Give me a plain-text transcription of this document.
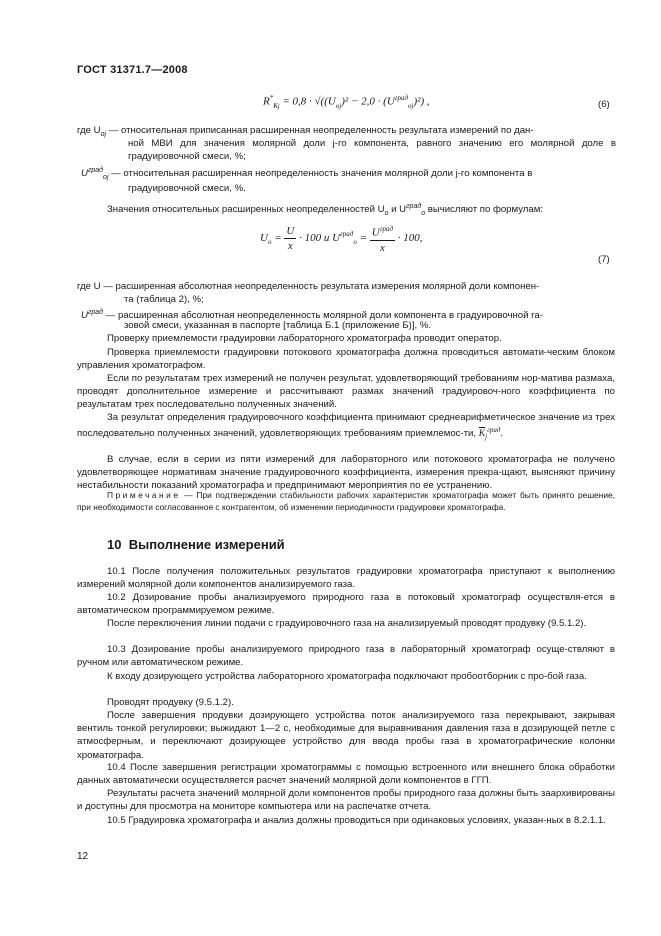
ГОСТ 31371.7—2008
$R^*_{Kj} = 0,8 \cdot √((U_{oj})^2 - 2,0 \cdot (U^{град}_{oj})^2)$ ,	(6)
где $U_{oj}$ — относительная приписанная расширенная неопределенность результата измерений по дан-
ной МВИ для значения молярной доли j-го компонента, равного значению его молярной доле в градуировочной смеси, %;
$U^{град}_{oj}$ — относительная расширенная неопределенность значения молярной доли j-го компонента в
градуировочной смеси, %.
Значения относительных расширенных неопределенностей $U_o$ и $U^{град}_o$ вычисляют по формулам:
$U_o = \frac{U}{x} \cdot 100$ и $U^{град}_o = U^{град}$
x
· 100,
(7)
где U — расширенная абсолютная неопределенность результата измерения молярной доли компонен-
та (таблица 2), %;
$U^{град}$ — расширенная абсолютная неопределенность молярной доли компонента в градуировочной га-
зовой смеси, указанная в паспорте [таблица Б.1 (приложение Б)], %.
Проверку приемлемости градуировки лабораторного хроматографа проводит оператор.
Проверка приемлемости градуировки потокового хроматографа должна проводиться автомати-ческим блоком управления хроматографом.
Если по результатам трех измерений не получен результат, удовлетворяющий требованиям нор-матива размаха, проводят дополнительное измерение и рассчитывают размах значений градуировоч-ного коэффициента по результатам трех последовательно полученных значений.
За результат определения градуировочного коэффициента принимают среднеарифметическое значение из трех последовательно полученных значений, удовлетворяющих требованиям приемлемос-ти, $\overline{K}_j^{град}$.
В случае, если в серии из пяти измерений для лабораторного или потокового хроматографа не получено удовлетворяющее нормативам значение градуировочного коэффициента, измерения прекра-щают, выясняют причину нестабильности показаний хроматографа и предпринимают мероприятия по ее устранению.
Примечание — При подтверждении стабильности рабочих характеристик хроматографа может быть принято решение, при необходимости согласованное с контрагентом, об изменении периодичности градуировки хроматографа.
10 Выполнение измерений
10.1 После получения положительных результатов градуировки хроматографа приступают к выполнению измерений молярной доли компонентов анализируемого газа.
10.2 Дозирование пробы анализируемого природного газа в потоковый хроматограф осуществля-ется в автоматическом программируемом режиме.
После переключения линии подачи с градуировочного газа на анализируемый проводят продувку (9.5.1.2).
10.3 Дозирование пробы анализируемого природного газа в лабораторный хроматограф осуще-ствляют в ручном или автоматическом режиме.
К входу дозирующего устройства лабораторного хроматографа подключают пробоотборник с про-бой газа.
Проводят продувку (9.5.1.2).
После завершения продувки дозирующего устройства поток анализируемого газа перекрывают, закрывая вентиль тонкой регулировки; выжидают 1—2 с, необходимые для выравнивания давления газа в дозирующей петле с атмосферным, и переключают дозирующее устройство для ввода пробы газа в хроматографические колонки хроматографа.
10.4 После завершения регистрации хроматограммы с помощью встроенного или внешнего блока обработки данных автоматически осуществляется расчет значений молярной доли компонентов в ГГП.
Результаты расчета значений молярной доли компонентов пробы природного газа должны быть заархивированы и доступны для просмотра на мониторе компьютера или на распечатке отчета.
10.5 Градуировка хроматографа и анализ должны проводиться при одинаковых условиях, указан-ных в 8.2.1.1.
12
